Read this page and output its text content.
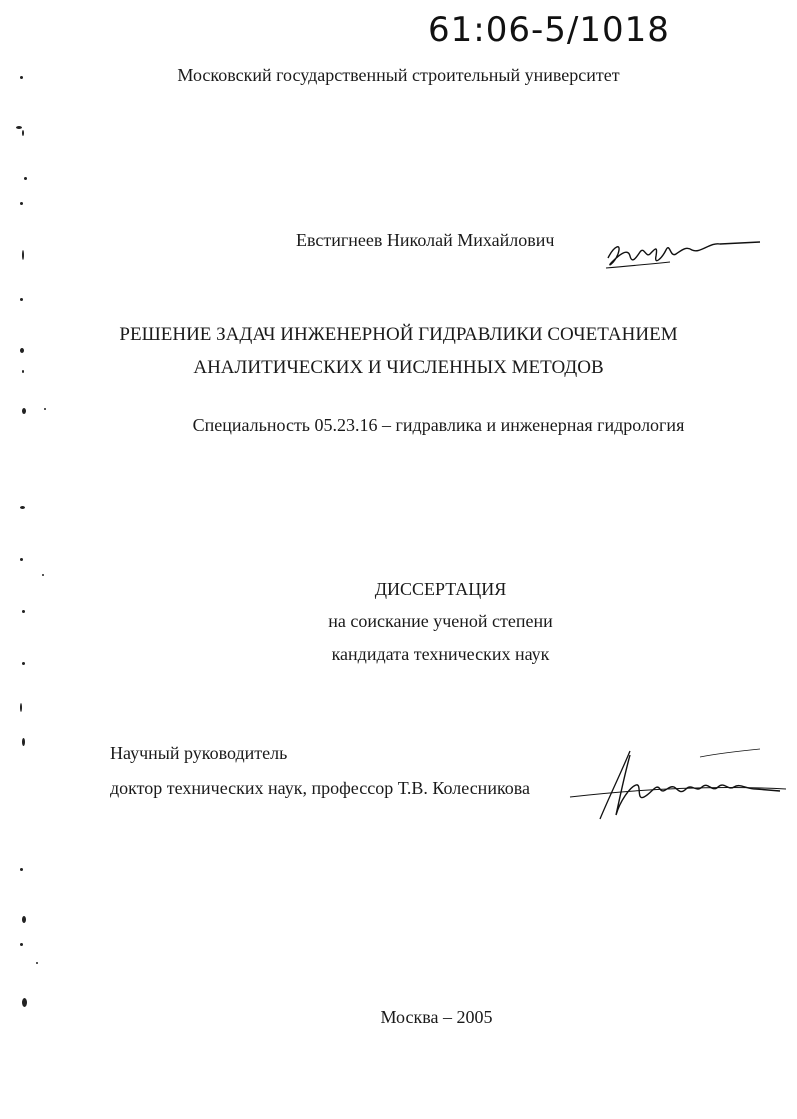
61:06-5/1018
Московский государственный строительный университет
Евстигнеев Николай Михайлович
РЕШЕНИЕ ЗАДАЧ ИНЖЕНЕРНОЙ ГИДРАВЛИКИ СОЧЕТАНИЕМ
АНАЛИТИЧЕСКИХ И ЧИСЛЕННЫХ МЕТОДОВ
Специальность 05.23.16 – гидравлика и инженерная гидрология
ДИССЕРТАЦИЯ
на соискание ученой степени
кандидата технических наук
Научный руководитель
доктор технических наук, профессор Т.В. Колесникова
Москва – 2005
